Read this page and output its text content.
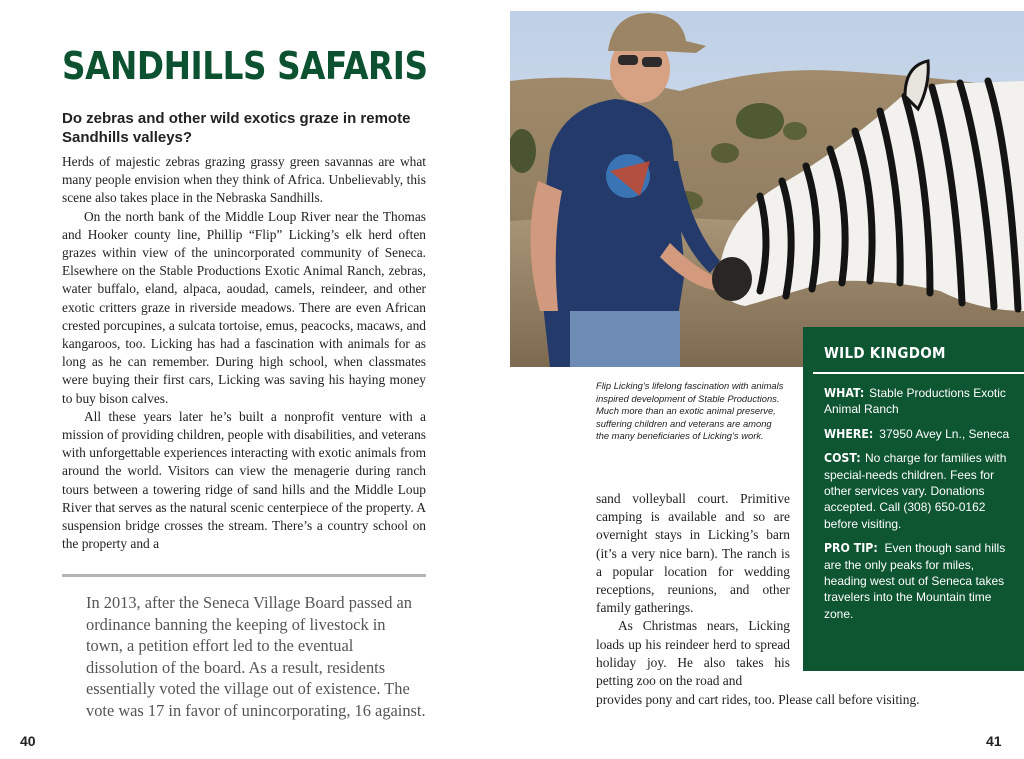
SANDHILLS SAFARIS
Do zebras and other wild exotics graze in remote Sandhills valleys?

Herds of majestic zebras grazing grassy green savannas are what many people envision when they think of Africa. Unbelievably, this scene also takes place in the Nebraska Sandhills.

On the north bank of the Middle Loup River near the Thomas and Hooker county line, Phillip “Flip” Licking’s elk herd often grazes within view of the unincorporated community of Seneca. Elsewhere on the Stable Productions Exotic Animal Ranch, zebras, water buffalo, eland, alpaca, aoudad, camels, reindeer, and other exotic critters graze in riverside meadows. There are even African crested porcupines, a sulcata tortoise, emus, peacocks, macaws, and kangaroos, too. Licking has had a fascination with animals for as long as he can remember. During high school, when classmates were buying their first cars, Licking was saving his haying money to buy bison calves.

All these years later he’s built a nonprofit venture with a mission of providing children, people with disabilities, and veterans with unforgettable experiences interacting with exotic animals from around the world. Visitors can view the menagerie during ranch tours between a towering ridge of sand hills and the Middle Loup River that serves as the natural scenic centerpiece of the property. A suspension bridge crosses the stream. There’s a country school on the property and a

In 2013, after the Seneca Village Board passed an ordinance banning the keeping of livestock in town, a petition effort led to the eventual dissolution of the board. As a result, residents essentially voted the village out of existence. The vote was 17 in favor of unincorporating, 16 against.
40
Flip Licking’s lifelong fascination with animals inspired development of Stable Productions. Much more than an exotic animal preserve, suffering children and veterans are among the many beneficiaries of Licking’s work.

sand volleyball court. Primitive camping is available and so are overnight stays in Licking’s barn (it’s a very nice barn). The ranch is a popular location for wedding receptions, reunions, and other family gatherings.

As Christmas nears, Licking loads up his reindeer herd to spread holiday joy. He also takes his petting zoo on the road and

provides pony and cart rides, too. Please call before visiting.
WILD KINGDOM

WHAT: Stable Productions Exotic Animal Ranch

WHERE: 37950 Avey Ln., Seneca

COST: No charge for families with special-needs children. Fees for other services vary. Donations accepted. Call (308) 650-0162 before visiting.

PRO TIP: Even though sand hills are the only peaks for miles, heading west out of Seneca takes travelers into the Mountain time zone.

41
